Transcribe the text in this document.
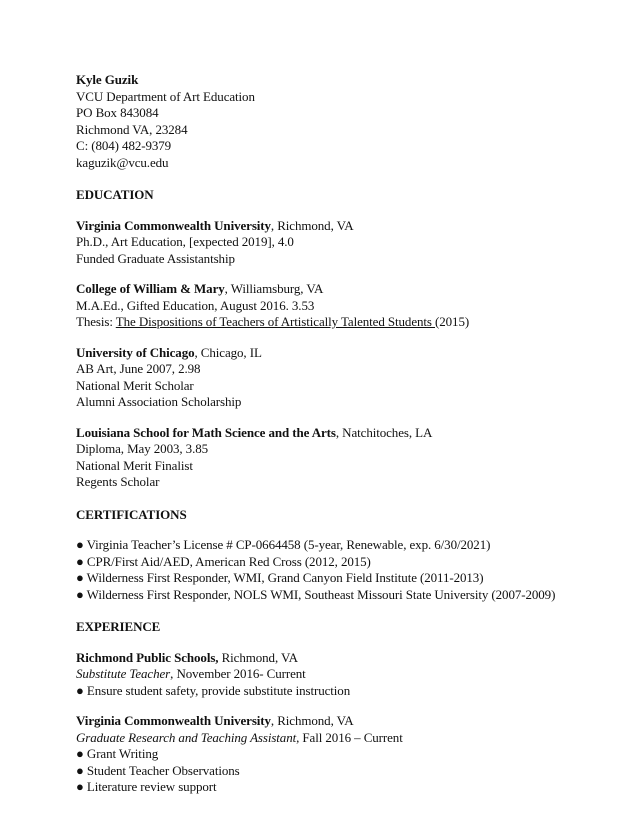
Kyle Guzik
VCU Department of Art Education
PO Box 843084
Richmond VA, 23284
C: (804) 482-9379
kaguzik@vcu.edu
EDUCATION
Virginia Commonwealth University, Richmond, VA
Ph.D., Art Education, [expected 2019], 4.0
Funded Graduate Assistantship
College of William & Mary, Williamsburg, VA
M.A.Ed., Gifted Education, August 2016. 3.53
Thesis: The Dispositions of Teachers of Artistically Talented Students (2015)
University of Chicago, Chicago, IL
AB Art, June 2007, 2.98
National Merit Scholar
Alumni Association Scholarship
Louisiana School for Math Science and the Arts, Natchitoches, LA
Diploma, May 2003, 3.85
National Merit Finalist
Regents Scholar
CERTIFICATIONS
● Virginia Teacher’s License # CP-0664458 (5-year, Renewable, exp. 6/30/2021)
● CPR/First Aid/AED, American Red Cross (2012, 2015)
● Wilderness First Responder, WMI, Grand Canyon Field Institute (2011-2013)
● Wilderness First Responder, NOLS WMI, Southeast Missouri State University (2007-2009)
EXPERIENCE
Richmond Public Schools, Richmond, VA
Substitute Teacher, November 2016- Current
● Ensure student safety, provide substitute instruction
Virginia Commonwealth University, Richmond, VA
Graduate Research and Teaching Assistant, Fall 2016 – Current
● Grant Writing
● Student Teacher Observations
● Literature review support
